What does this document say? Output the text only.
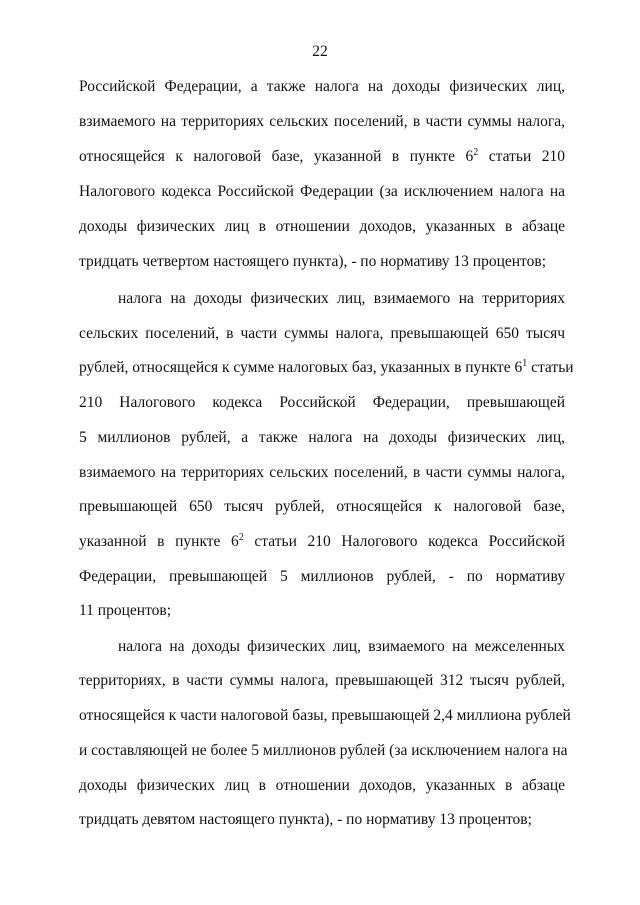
22
Российской Федерации, а также налога на доходы физических лиц,
взимаемого на территориях сельских поселений, в части суммы налога,
относящейся к налоговой базе, указанной в пункте $6^2$ статьи 210
Налогового кодекса Российской Федерации (за исключением налога на
доходы физических лиц в отношении доходов, указанных в абзаце
тридцать четвертом настоящего пункта), - по нормативу 13 процентов;
налога на доходы физических лиц, взимаемого на территориях
сельских поселений, в части суммы налога, превышающей 650 тысяч
рублей, относящейся к сумме налоговых баз, указанных в пункте $6^1$ статьи
210 Налогового кодекса Российской Федерации, превышающей
5 миллионов рублей, а также налога на доходы физических лиц,
взимаемого на территориях сельских поселений, в части суммы налога,
превышающей 650 тысяч рублей, относящейся к налоговой базе,
указанной в пункте $6^2$ статьи 210 Налогового кодекса Российской
Федерации, превышающей 5 миллионов рублей, - по нормативу
11 процентов;
налога на доходы физических лиц, взимаемого на межселенных
территориях, в части суммы налога, превышающей 312 тысяч рублей,
относящейся к части налоговой базы, превышающей 2,4 миллиона рублей
и составляющей не более 5 миллионов рублей (за исключением налога на
доходы физических лиц в отношении доходов, указанных в абзаце
тридцать девятом настоящего пункта), - по нормативу 13 процентов;
